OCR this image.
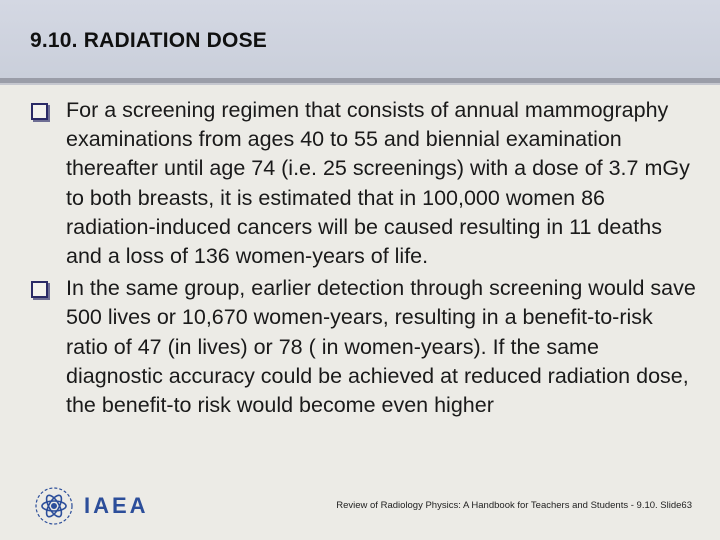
9.10. RADIATION DOSE
For a screening regimen that consists of annual mammography examinations from ages 40 to 55 and biennial examination thereafter until age 74 (i.e. 25 screenings) with a dose of 3.7 mGy to both breasts, it is estimated that in 100,000 women 86 radiation-induced cancers will be caused resulting in 11 deaths and a loss of 136 women-years of life.
In the same group, earlier detection through screening would save 500 lives or 10,670 women-years, resulting in a benefit-to-risk ratio of 47 (in lives) or 78 ( in women-years). If the same diagnostic accuracy could be achieved at reduced radiation dose, the benefit-to risk would become even higher
IAEA	Review of Radiology Physics: A Handbook for Teachers and Students - 9.10. Slide63
